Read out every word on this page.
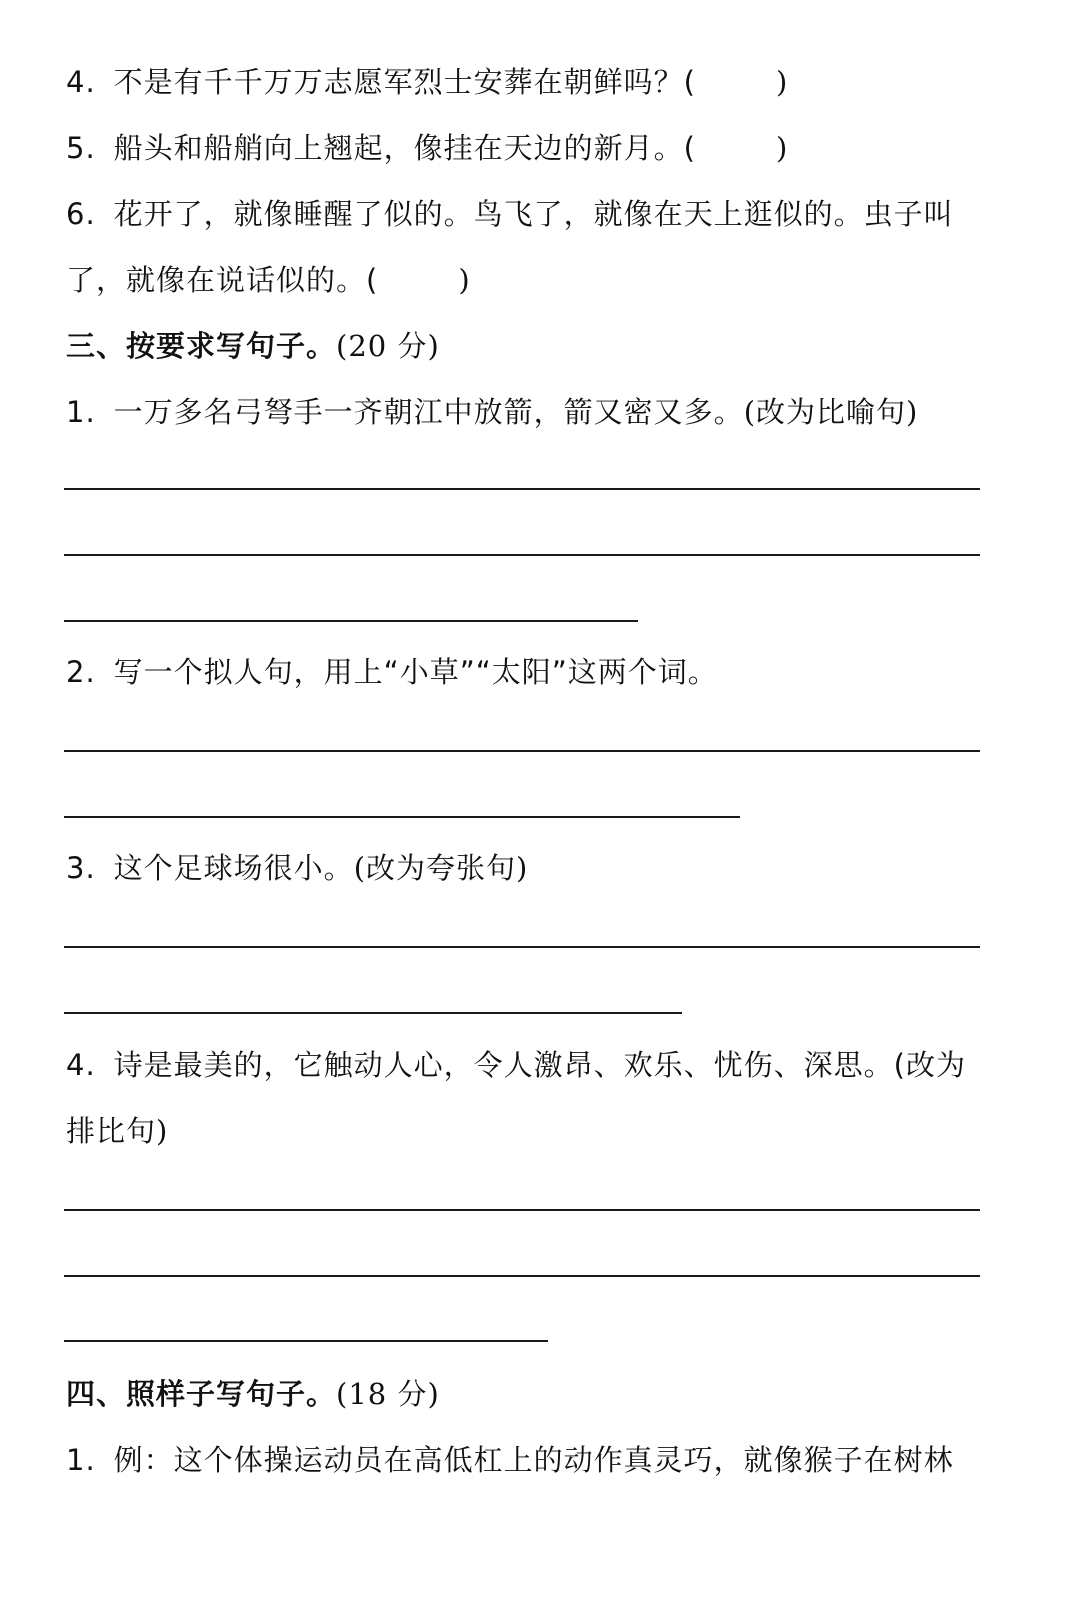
4. 不是有千千万万志愿军烈士安葬在朝鲜吗？(	)
5. 船头和船艄向上翘起，像挂在天边的新月。(	)
6. 花开了，就像睡醒了似的。鸟飞了，就像在天上逛似的。虫子叫
了，就像在说话似的。(	)
三、按要求写句子。(20 分)
1. 一万多名弓弩手一齐朝江中放箭，箭又密又多。(改为比喻句)
2. 写一个拟人句，用上“小草”“太阳”这两个词。
3. 这个足球场很小。(改为夸张句)
4. 诗是最美的，它触动人心，令人激昂、欢乐、忧伤、深思。(改为
排比句)
四、照样子写句子。(18 分)
1. 例：这个体操运动员在高低杠上的动作真灵巧，就像猴子在树林
